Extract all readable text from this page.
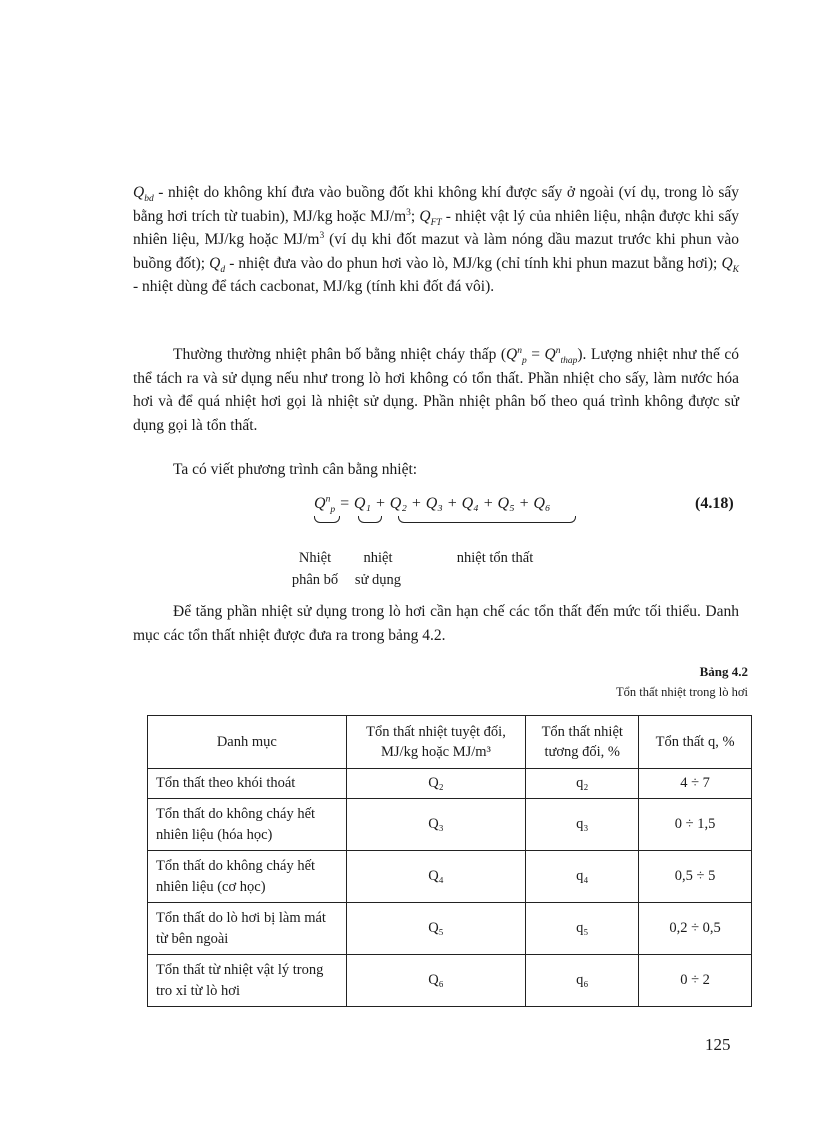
$Q_{bd}$ - nhiệt do không khí đưa vào buồng đốt khi không khí được sấy ở ngoài (ví dụ, trong lò sấy bằng hơi trích từ tuabin), MJ/kg hoặc $MJ/m^3$; $Q_{FT}$ - nhiệt vật lý của nhiên liệu, nhận được khi sấy nhiên liệu, MJ/kg hoặc $MJ/m^3$ (ví dụ khi đốt mazut và làm nóng dầu mazut trước khi phun vào buồng đốt); $Q_d$ - nhiệt đưa vào do phun hơi vào lò, MJ/kg (chỉ tính khi phun mazut bằng hơi); $Q_K$ - nhiệt dùng để tách cacbonat, MJ/kg (tính khi đốt đá vôi).
Thường thường nhiệt phân bố bằng nhiệt cháy thấp $(Q^n_p = Q^n_{thap})$. Lượng nhiệt như thế có thể tách ra và sử dụng nếu như trong lò hơi không có tổn thất. Phần nhiệt cho sấy, làm nước hóa hơi và để quá nhiệt hơi gọi là nhiệt sử dụng. Phần nhiệt phân bố theo quá trình không được sử dụng gọi là tổn thất.
Ta có viết phương trình cân bằng nhiệt:
$Q^n_p = Q_1 + Q_2 + Q_3 + Q_4 + Q_5 + Q_6$	(4.18)
Nhiệt
phân bố
nhiệt
sử dụng
nhiệt tổn thất
Để tăng phần nhiệt sử dụng trong lò hơi cần hạn chế các tổn thất đến mức tối thiểu. Danh mục các tổn thất nhiệt được đưa ra trong bảng 4.2.
Bảng 4.2
Tổn thất nhiệt trong lò hơi
Danh mục	Tổn thất nhiệt tuyệt đối, MJ/kg hoặc MJ/m³	Tổn thất nhiệt tương đối, %	Tổn thất q, %
Tổn thất theo khói thoát	Q₂	q₂	4 ÷ 7
Tổn thất do không cháy hết nhiên liệu (hóa học)	Q₃	q₃	0 ÷ 1,5
Tổn thất do không cháy hết nhiên liệu (cơ học)	Q₄	q₄	0,5 ÷ 5
Tổn thất do lò hơi bị làm mát từ bên ngoài	Q₅	q₅	0,2 ÷ 0,5
Tổn thất từ nhiệt vật lý trong tro xỉ từ lò hơi	Q₆	q₆	0 ÷ 2
125
